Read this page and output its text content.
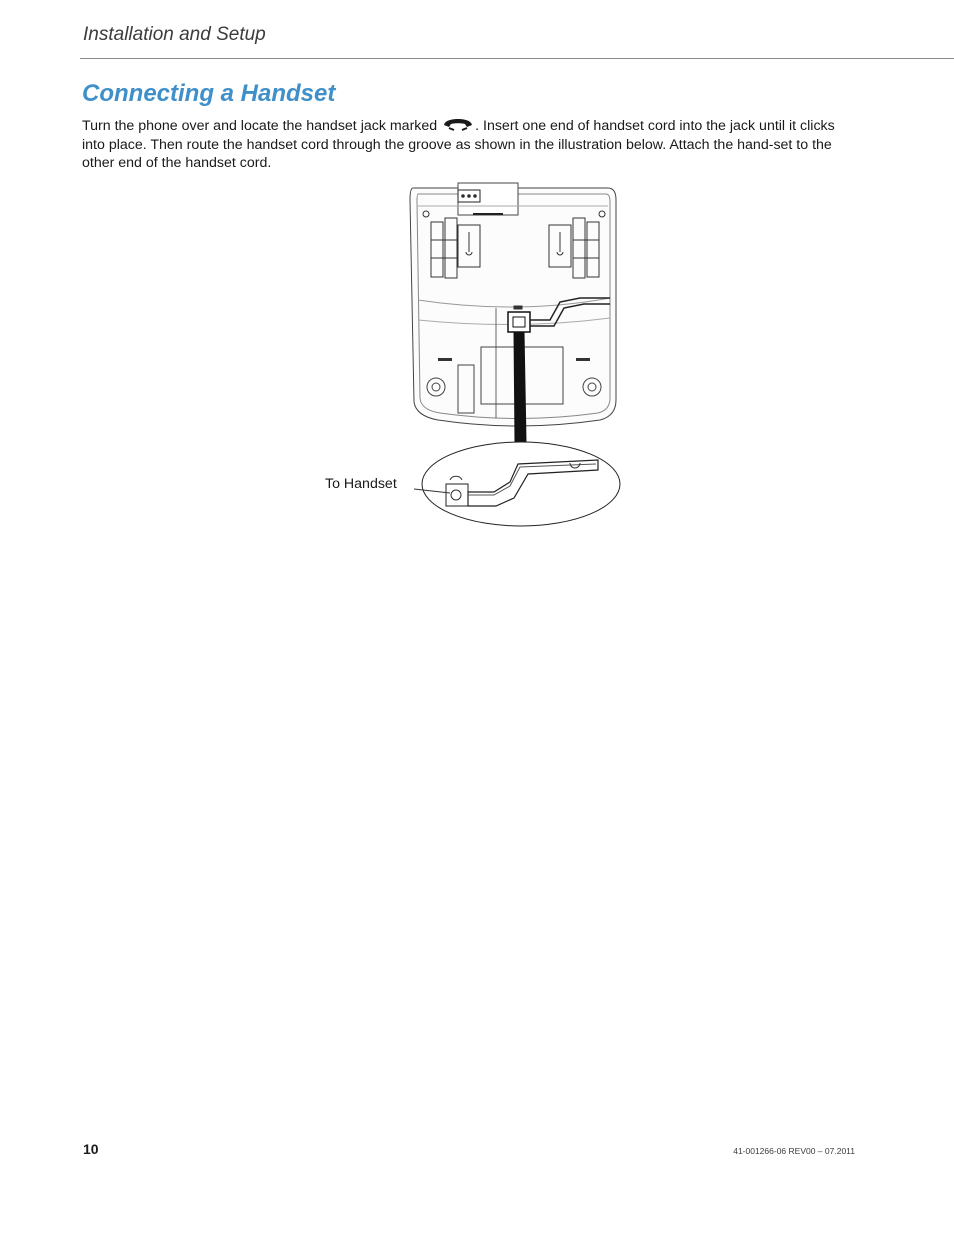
Installation and Setup
Connecting a Handset

Turn the phone over and locate the handset jack marked . Insert one end of handset cord into the jack until it clicks into place. Then route the handset cord through the groove as shown in the illustration below. Attach the hand-set to the other end of the handset cord.

To Handset
10	41-001266-06 REV00 – 07.2011
